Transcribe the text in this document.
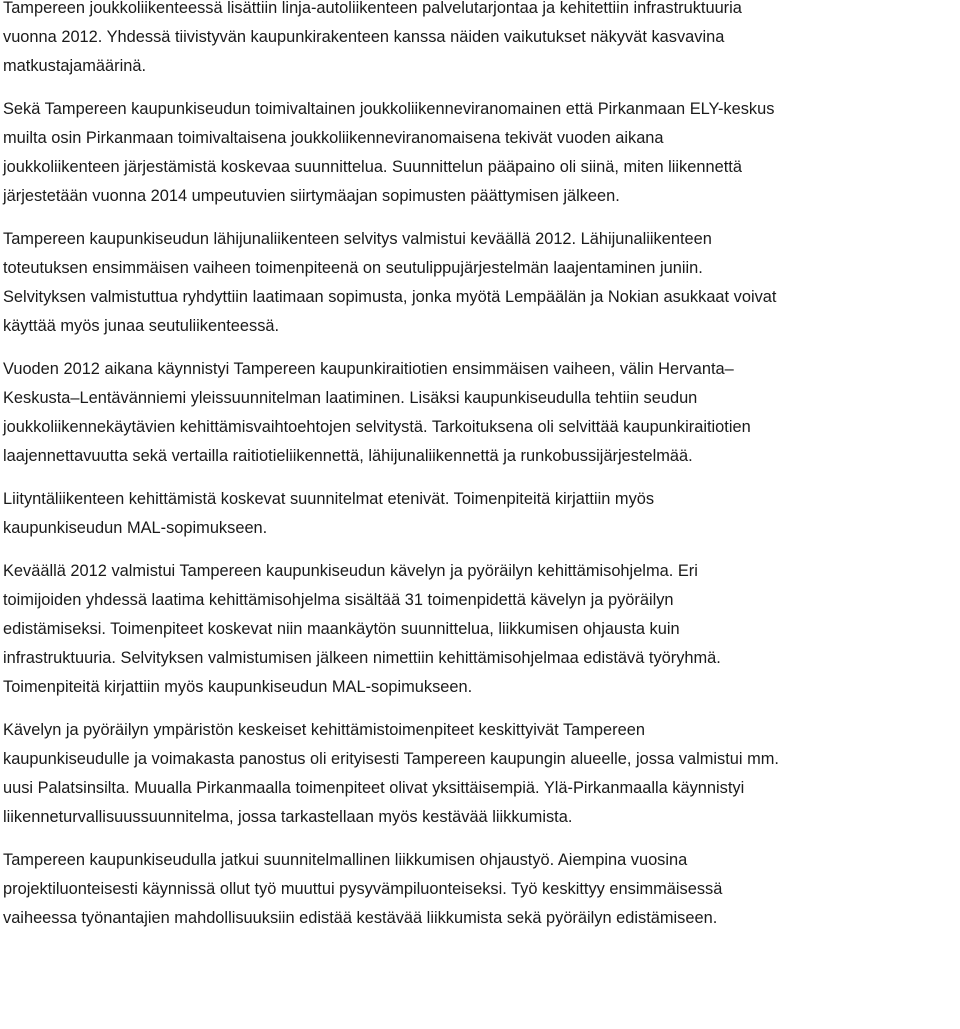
Tampereen joukkoliikenteessä lisättiin linja-autoliikenteen palvelutarjontaa ja kehitettiin infrastruktuuria
vuonna 2012. Yhdessä tiivistyvän kaupunkirakenteen kanssa näiden vaikutukset näkyvät kasvavina
matkustajamäärinä.

Sekä Tampereen kaupunkiseudun toimivaltainen joukkoliikenneviranomainen että Pirkanmaan ELY-keskus
muilta osin Pirkanmaan toimivaltaisena joukkoliikenneviranomaisena tekivät vuoden aikana
joukkoliikenteen järjestämistä koskevaa suunnittelua. Suunnittelun pääpaino oli siinä, miten liikennettä
järjestetään vuonna 2014 umpeutuvien siirtymäajan sopimusten päättymisen jälkeen.

Tampereen kaupunkiseudun lähijunaliikenteen selvitys valmistui keväällä 2012. Lähijunaliikenteen
toteutuksen ensimmäisen vaiheen toimenpiteenä on seutulippujärjestelmän laajentaminen juniin.
Selvityksen valmistuttua ryhdyttiin laatimaan sopimusta, jonka myötä Lempäälän ja Nokian asukkaat voivat
käyttää myös junaa seutuliikenteessä.

Vuoden 2012 aikana käynnistyi Tampereen kaupunkiraitiotien ensimmäisen vaiheen, välin Hervanta–
Keskusta–Lentävänniemi yleissuunnitelman laatiminen. Lisäksi kaupunkiseudulla tehtiin seudun
joukkoliikennekäytävien kehittämisvaihtoehtojen selvitystä. Tarkoituksena oli selvittää kaupunkiraitiotien
laajennettavuutta sekä vertailla raitiotieliikennettä, lähijunaliikennettä ja runkobussijärjestelmää.

Liityntäliikenteen kehittämistä koskevat suunnitelmat etenivät. Toimenpiteitä kirjattiin myös
kaupunkiseudun MAL-sopimukseen.

Keväällä 2012 valmistui Tampereen kaupunkiseudun kävelyn ja pyöräilyn kehittämisohjelma. Eri
toimijoiden yhdessä laatima kehittämisohjelma sisältää 31 toimenpidettä kävelyn ja pyöräilyn
edistämiseksi. Toimenpiteet koskevat niin maankäytön suunnittelua, liikkumisen ohjausta kuin
infrastruktuuria. Selvityksen valmistumisen jälkeen nimettiin kehittämisohjelmaa edistävä työryhmä.
Toimenpiteitä kirjattiin myös kaupunkiseudun MAL-sopimukseen.

Kävelyn ja pyöräilyn ympäristön keskeiset kehittämistoimenpiteet keskittyivät Tampereen
kaupunkiseudulle ja voimakasta panostus oli erityisesti Tampereen kaupungin alueelle, jossa valmistui mm.
uusi Palatsinsilta. Muualla Pirkanmaalla toimenpiteet olivat yksittäisempiä. Ylä-Pirkanmaalla käynnistyi
liikenneturvallisuussuunnitelma, jossa tarkastellaan myös kestävää liikkumista.

Tampereen kaupunkiseudulla jatkui suunnitelmallinen liikkumisen ohjaustyö. Aiempina vuosina
projektiluonteisesti käynnissä ollut työ muuttui pysyvämpiluonteiseksi. Työ keskittyy ensimmäisessä
vaiheessa työnantajien mahdollisuuksiin edistää kestävää liikkumista sekä pyöräilyn edistämiseen.
